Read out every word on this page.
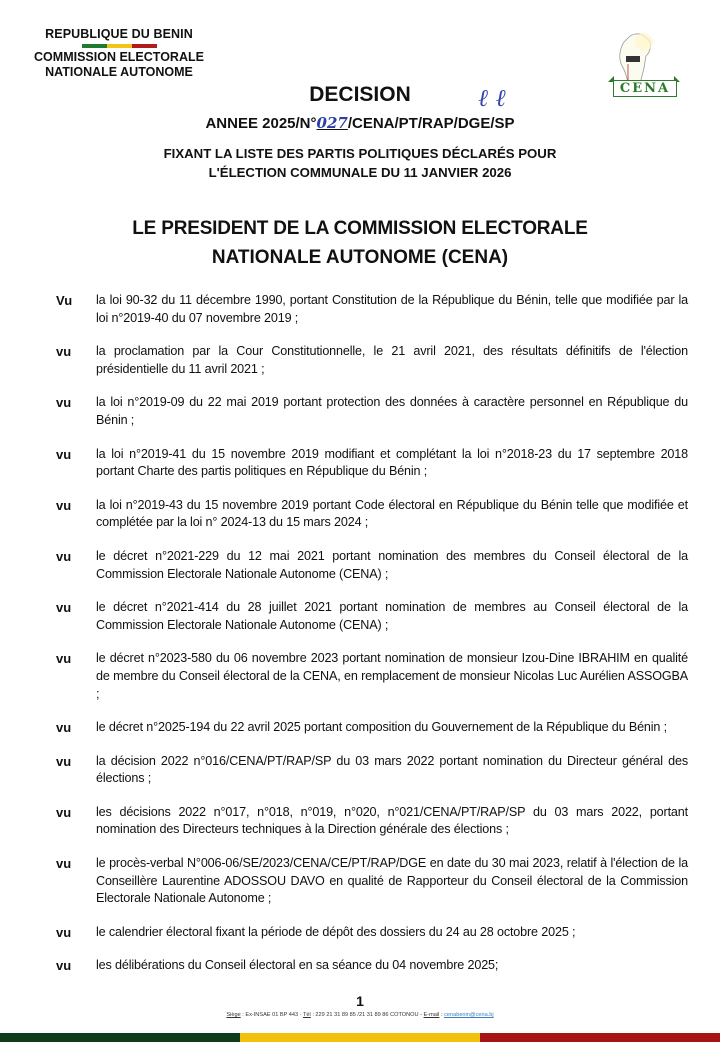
REPUBLIQUE DU BENIN
COMMISSION ELECTORALE
NATIONALE AUTONOME
CENA
DECISION
ANNEE 2025/N°027/CENA/PT/RAP/DGE/SP
ℓ ℓ
FIXANT LA LISTE DES PARTIS POLITIQUES DÉCLARÉS POUR
L'ÉLECTION COMMUNALE DU 11 JANVIER 2026
LE PRESIDENT DE LA COMMISSION ELECTORALE
NATIONALE AUTONOME (CENA)
Vu	la loi 90-32 du 11 décembre 1990, portant Constitution de la République du Bénin, telle que modifiée par la loi n°2019-40 du 07 novembre 2019 ;
vu	la proclamation par la Cour Constitutionnelle, le 21 avril 2021, des résultats définitifs de l'élection présidentielle du 11 avril 2021 ;
vu	la loi n°2019-09 du 22 mai 2019 portant protection des données à caractère personnel en République du Bénin ;
vu	la loi n°2019-41 du 15 novembre 2019 modifiant et complétant la loi n°2018-23 du 17 septembre 2018 portant Charte des partis politiques en République du Bénin ;
vu	la loi n°2019-43 du 15 novembre 2019 portant Code électoral en République du Bénin telle que modifiée et complétée par la loi n° 2024-13 du 15 mars 2024 ;
vu	le décret n°2021-229 du 12 mai 2021 portant nomination des membres du Conseil électoral de la Commission Electorale Nationale Autonome (CENA) ;
vu	le décret n°2021-414 du 28 juillet 2021 portant nomination de membres au Conseil électoral de la Commission Electorale Nationale Autonome (CENA) ;
vu	le décret n°2023-580 du 06 novembre 2023 portant nomination de monsieur Izou-Dine IBRAHIM en qualité de membre du Conseil électoral de la CENA, en remplacement de monsieur Nicolas Luc Aurélien ASSOGBA ;
vu	le décret n°2025-194 du 22 avril 2025 portant composition du Gouvernement de la République du Bénin ;
vu	la décision 2022 n°016/CENA/PT/RAP/SP du 03 mars 2022 portant nomination du Directeur général des élections ;
vu	les décisions 2022 n°017, n°018, n°019, n°020, n°021/CENA/PT/RAP/SP du 03 mars 2022, portant nomination des Directeurs techniques à la Direction générale des élections ;
vu	le procès-verbal N°006-06/SE/2023/CENA/CE/PT/RAP/DGE en date du 30 mai 2023, relatif à l'élection de la Conseillère Laurentine ADOSSOU DAVO en qualité de Rapporteur du Conseil électoral de la Commission Electorale Nationale Autonome ;
vu	le calendrier électoral fixant la période de dépôt des dossiers du 24 au 28 octobre 2025 ;
vu	les délibérations du Conseil électoral en sa séance du 04 novembre 2025;
1
Siège : Ex-INSAE 01 BP 443 · Tél : 229 21 31 89 85 /21 31 89 86 COTONOU - E-mail : cenabenin@cena.bj
